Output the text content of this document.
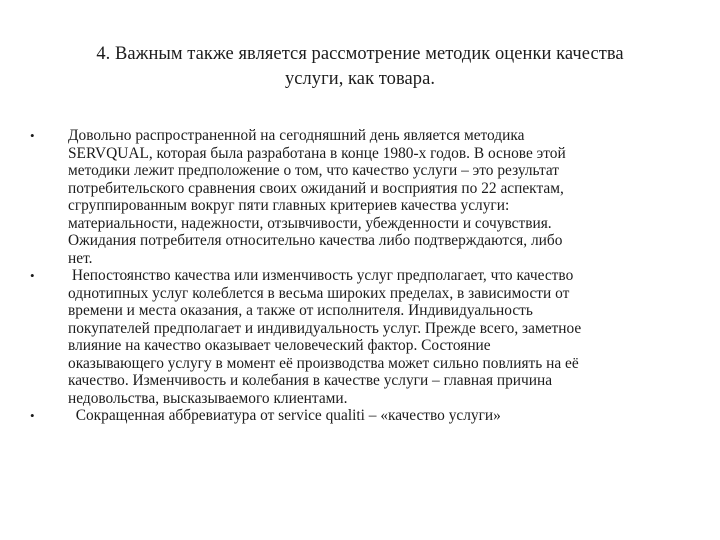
4. Важным также является рассмотрение методик оценки качества
услуги, как товара.
•	Довольно распространенной на сегодняшний день является методика
SERVQUAL, которая была разработана в конце 1980-х годов. В основе этой
методики лежит предположение о том, что качество услуги – это результат
потребительского сравнения своих ожиданий и восприятия по 22 аспектам,
сгруппированным вокруг пяти главных критериев качества услуги:
материальности, надежности, отзывчивости, убежденности и сочувствия.
Ожидания потребителя относительно качества либо подтверждаются, либо
нет.
•	Непостоянство качества или изменчивость услуг предполагает, что качество
однотипных услуг колеблется в весьма широких пределах, в зависимости от
времени и места оказания, а также от исполнителя. Индивидуальность
покупателей предполагает и индивидуальность услуг. Прежде всего, заметное
влияние на качество оказывает человеческий фактор. Состояние
оказывающего услугу в момент её производства может сильно повлиять на её
качество. Изменчивость и колебания в качестве услуги – главная причина
недовольства, высказываемого клиентами.
•	Сокращенная аббревиатура от service qualiti – «качество услуги»
